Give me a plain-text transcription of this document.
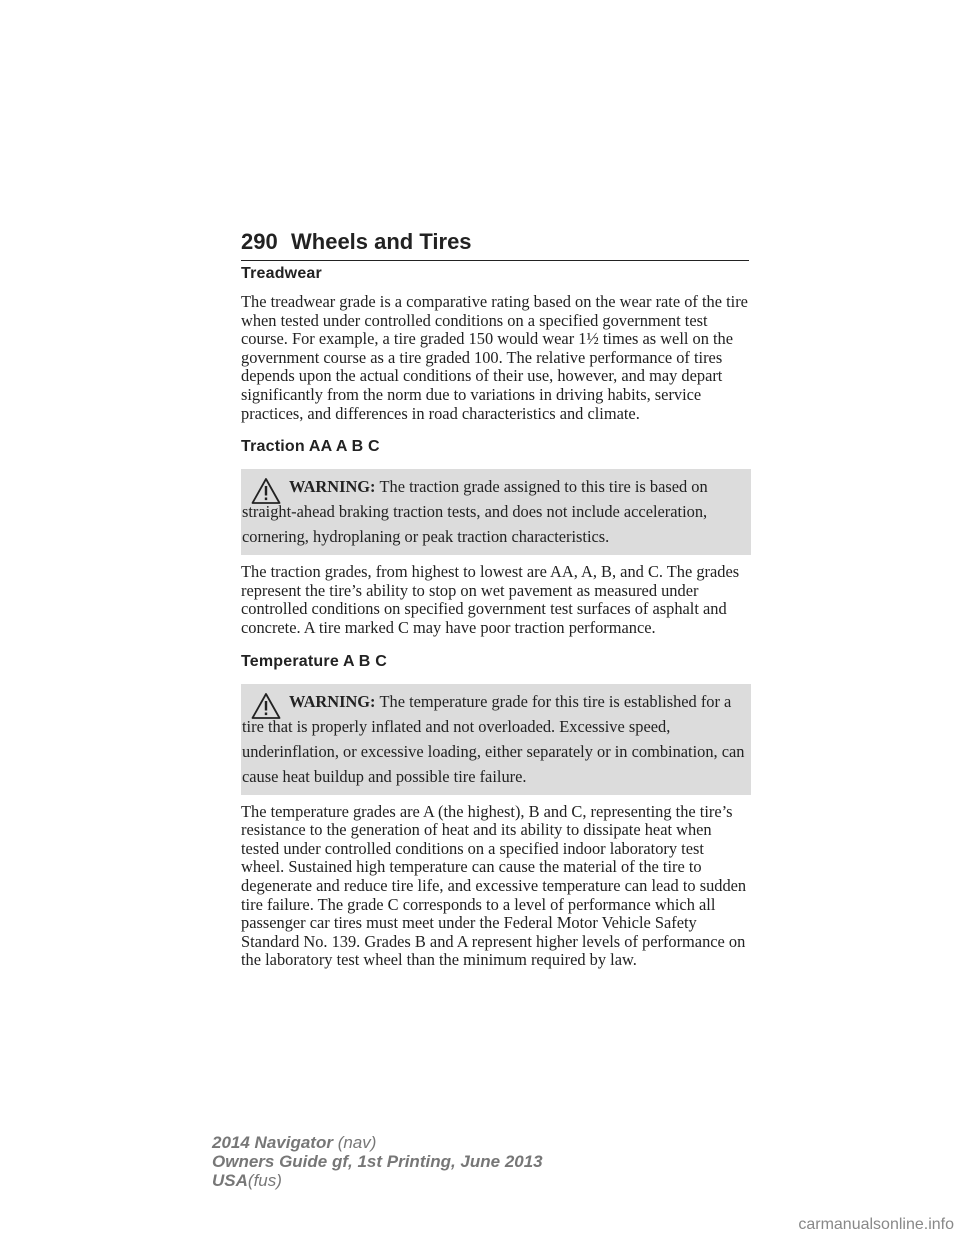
290 Wheels and Tires
Treadwear

The treadwear grade is a comparative rating based on the wear rate of the tire when tested under controlled conditions on a specified government test course. For example, a tire graded 150 would wear 1½ times as well on the government course as a tire graded 100. The relative performance of tires depends upon the actual conditions of their use, however, and may depart significantly from the norm due to variations in driving habits, service practices, and differences in road characteristics and climate.

Traction AA A B C
WARNING: The traction grade assigned to this tire is based on straight-ahead braking traction tests, and does not include acceleration, cornering, hydroplaning or peak traction characteristics.

The traction grades, from highest to lowest are AA, A, B, and C. The grades represent the tire’s ability to stop on wet pavement as measured under controlled conditions on specified government test surfaces of asphalt and concrete. A tire marked C may have poor traction performance.

Temperature A B C
WARNING: The temperature grade for this tire is established for a tire that is properly inflated and not overloaded. Excessive speed, underinflation, or excessive loading, either separately or in combination, can cause heat buildup and possible tire failure.

The temperature grades are A (the highest), B and C, representing the tire’s resistance to the generation of heat and its ability to dissipate heat when tested under controlled conditions on a specified indoor laboratory test wheel. Sustained high temperature can cause the material of the tire to degenerate and reduce tire life, and excessive temperature can lead to sudden tire failure. The grade C corresponds to a level of performance which all passenger car tires must meet under the Federal Motor Vehicle Safety Standard No. 139. Grades B and A represent higher levels of performance on the laboratory test wheel than the minimum required by law.

2014 Navigator (nav)
Owners Guide gf, 1st Printing, June 2013
USA(fus)
carmanualsonline.info
